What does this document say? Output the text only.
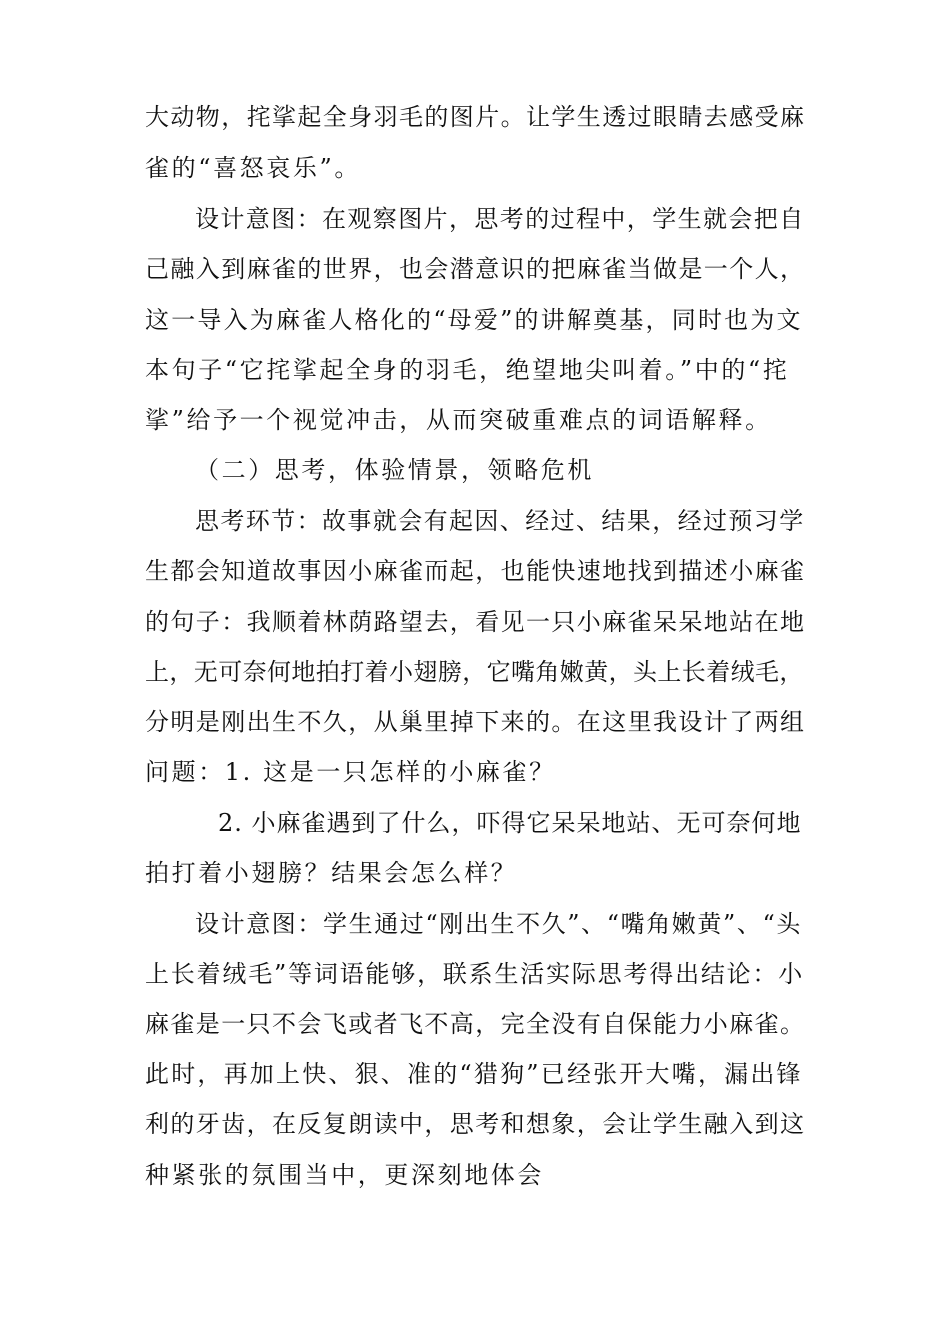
大动物，挓挲起全身羽毛的图片。让学生透过眼睛去感受麻
雀的“喜怒哀乐”。
设计意图：在观察图片，思考的过程中，学生就会把自
己融入到麻雀的世界，也会潜意识的把麻雀当做是一个人，
这一导入为麻雀人格化的“母爱”的讲解奠基，同时也为文
本句子“它挓挲起全身的羽毛，绝望地尖叫着。”中的“挓
挲”给予一个视觉冲击，从而突破重难点的词语解释。
（二）思考，体验情景，领略危机
思考环节：故事就会有起因、经过、结果，经过预习学
生都会知道故事因小麻雀而起，也能快速地找到描述小麻雀
的句子：我顺着林荫路望去，看见一只小麻雀呆呆地站在地
上，无可奈何地拍打着小翅膀，它嘴角嫩黄，头上长着绒毛，
分明是刚出生不久，从巢里掉下来的。在这里我设计了两组
问题：1. 这是一只怎样的小麻雀？
2. 小麻雀遇到了什么，吓得它呆呆地站、无可奈何地
拍打着小翅膀？结果会怎么样？
设计意图：学生通过“刚出生不久”、“嘴角嫩黄”、“头
上长着绒毛”等词语能够，联系生活实际思考得出结论：小
麻雀是一只不会飞或者飞不高，完全没有自保能力小麻雀。
此时，再加上快、狠、准的“猎狗”已经张开大嘴，漏出锋
利的牙齿，在反复朗读中，思考和想象，会让学生融入到这
种紧张的氛围当中，更深刻地体会
